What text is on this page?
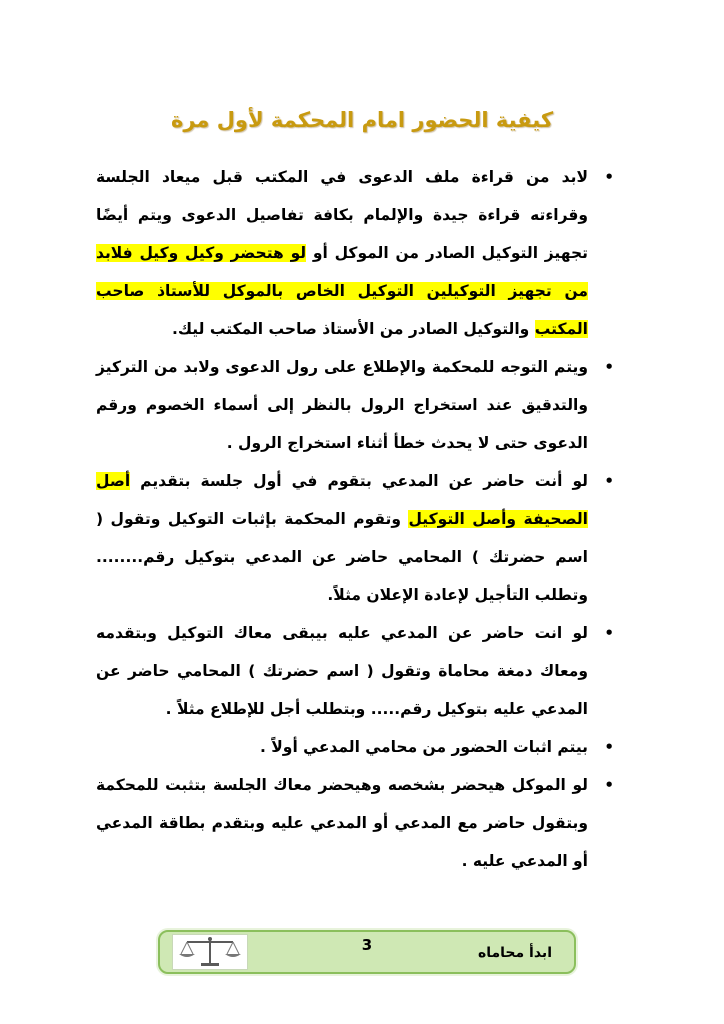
كيفية الحضور امام المحكمة لأول مرة
•
لابد من قراءة ملف الدعوى في المكتب قبل ميعاد الجلسة وقراءته قراءة جيدة والإلمام بكافة تفاصيل الدعوى ويتم أيضًا تجهيز التوكيل الصادر من الموكل أو لو هتحضر وكيل وكيل فلابد من تجهيز التوكيلين التوكيل الخاص بالموكل للأستاذ صاحب المكتب والتوكيل الصادر من الأستاذ صاحب المكتب ليك.
•
ويتم التوجه للمحكمة والإطلاع على رول الدعوى ولابد من التركيز والتدقيق عند استخراج الرول بالنظر إلى أسماء الخصوم ورقم الدعوى حتى لا يحدث خطأ أثناء استخراج الرول .
•
لو أنت حاضر عن المدعي بتقوم في أول جلسة بتقديم أصل الصحيفة وأصل التوكيل وتقوم المحكمة بإثبات التوكيل وتقول ( اسم حضرتك ) المحامي حاضر عن المدعي بتوكيل رقم........ وتطلب التأجيل لإعادة الإعلان مثلاً.
•
لو انت حاضر عن المدعي عليه بيبقى معاك التوكيل وبتقدمه ومعاك دمغة محاماة وتقول ( اسم حضرتك ) المحامي حاضر عن المدعي عليه بتوكيل رقم..... وبتطلب أجل للإطلاع مثلاً .
•
بيتم اثبات الحضور من محامي المدعي أولاً .
•
لو الموكل هيحضر بشخصه وهيحضر معاك الجلسة بتثبت للمحكمة وبتقول حاضر مع المدعي أو المدعي عليه وبتقدم بطاقة المدعي أو المدعي عليه .
3	ابدأ محاماه
